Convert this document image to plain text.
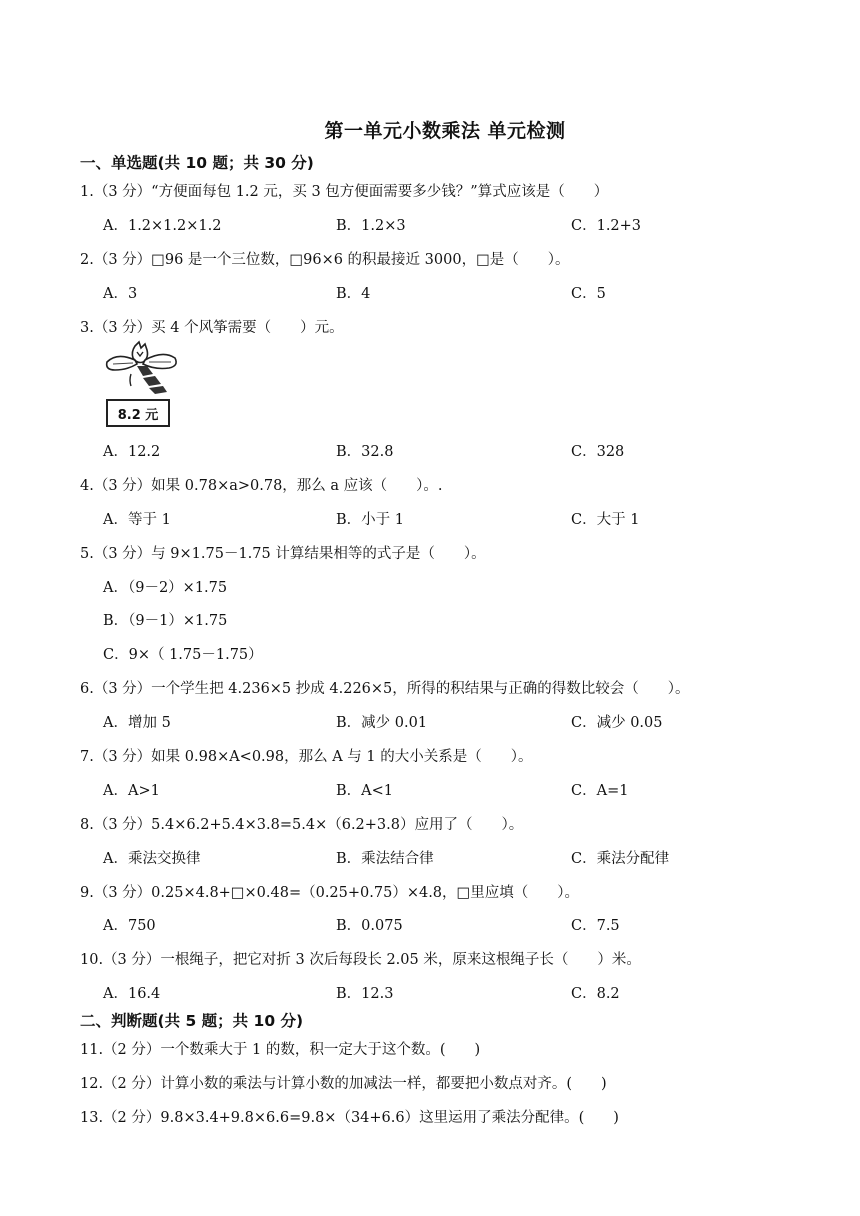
第一单元小数乘法 单元检测
一、单选题(共 10 题；共 30 分)
1.（3 分）“方便面每包 1.2 元，买 3 包方便面需要多少钱？”算式应该是（　　）
A．1.2×1.2×1.2	B．1.2×3	C．1.2+3
2.（3 分）□96 是一个三位数，□96×6 的积最接近 3000，□是（　　）。
A．3	B．4	C．5
3.（3 分）买 4 个风筝需要（　　）元。
8.2 元
A．12.2	B．32.8	C．328
4.（3 分）如果 0.78×a>0.78，那么 a 应该（　　）。.
A．等于 1	B．小于 1	C．大于 1
5.（3 分）与 9×1.75－1.75 计算结果相等的式子是（　　）。
A．（9－2）×1.75
B．（9－1）×1.75
C．9×（ 1.75－1.75）
6.（3 分）一个学生把 4.236×5 抄成 4.226×5，所得的积结果与正确的得数比较会（　　）。
A．增加 5	B．减少 0.01	C．减少 0.05
7.（3 分）如果 0.98×A<0.98，那么 A 与 1 的大小关系是（　　）。
A．A>1	B．A<1	C．A=1
8.（3 分）5.4×6.2+5.4×3.8=5.4×（6.2+3.8）应用了（　　）。
A．乘法交换律	B．乘法结合律	C．乘法分配律
9.（3 分）0.25×4.8+□×0.48=（0.25+0.75）×4.8，□里应填（　　）。
A．750	B．0.075	C．7.5
10.（3 分）一根绳子，把它对折 3 次后每段长 2.05 米，原来这根绳子长（　　）米。
A．16.4	B．12.3	C．8.2
二、判断题(共 5 题；共 10 分)
11.（2 分）一个数乘大于 1 的数，积一定大于这个数。(　　)
12.（2 分）计算小数的乘法与计算小数的加减法一样，都要把小数点对齐。(　　)
13.（2 分）9.8×3.4+9.8×6.6=9.8×（34+6.6）这里运用了乘法分配律。(　　)
